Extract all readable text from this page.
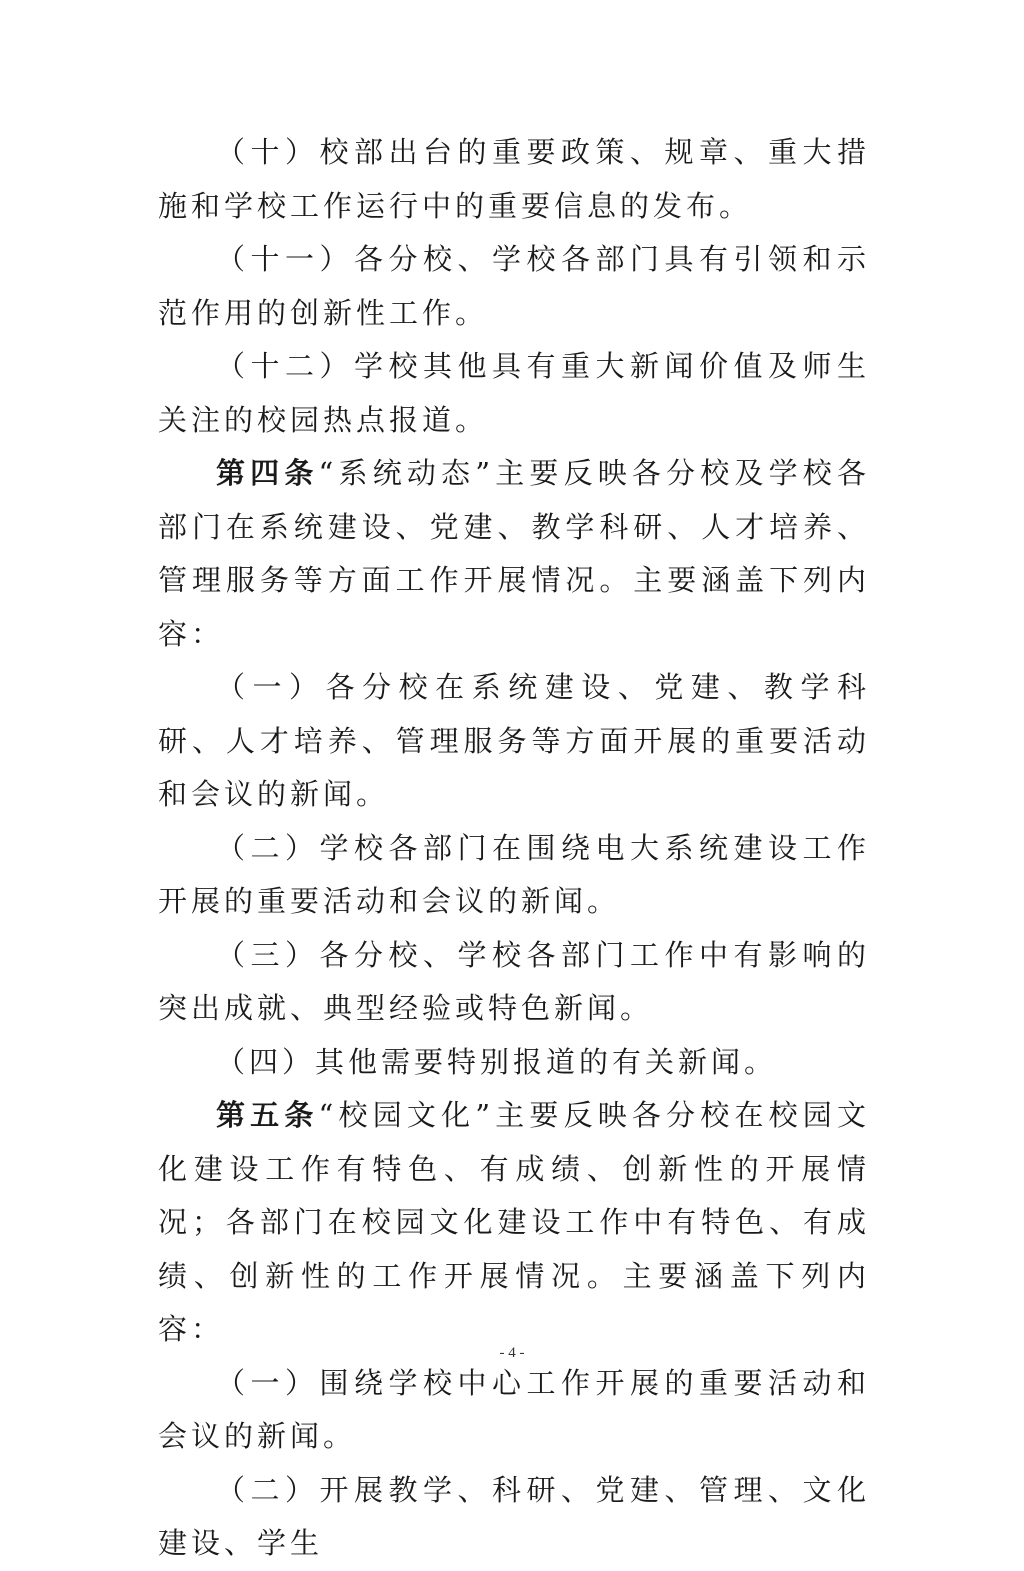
（十）校部出台的重要政策、规章、重大措施和学校工作运行中的重要信息的发布。

（十一）各分校、学校各部门具有引领和示范作用的创新性工作。

（十二）学校其他具有重大新闻价值及师生关注的校园热点报道。

第四条“系统动态”主要反映各分校及学校各部门在系统建设、党建、教学科研、人才培养、管理服务等方面工作开展情况。主要涵盖下列内容：

（一）各分校在系统建设、党建、教学科研、人才培养、管理服务等方面开展的重要活动和会议的新闻。

（二）学校各部门在围绕电大系统建设工作开展的重要活动和会议的新闻。

（三）各分校、学校各部门工作中有影响的突出成就、典型经验或特色新闻。

（四）其他需要特别报道的有关新闻。

第五条“校园文化”主要反映各分校在校园文化建设工作有特色、有成绩、创新性的开展情况；各部门在校园文化建设工作中有特色、有成绩、创新性的工作开展情况。主要涵盖下列内容：

（一）围绕学校中心工作开展的重要活动和会议的新闻。

（二）开展教学、科研、党建、管理、文化建设、学生

- 4 -
